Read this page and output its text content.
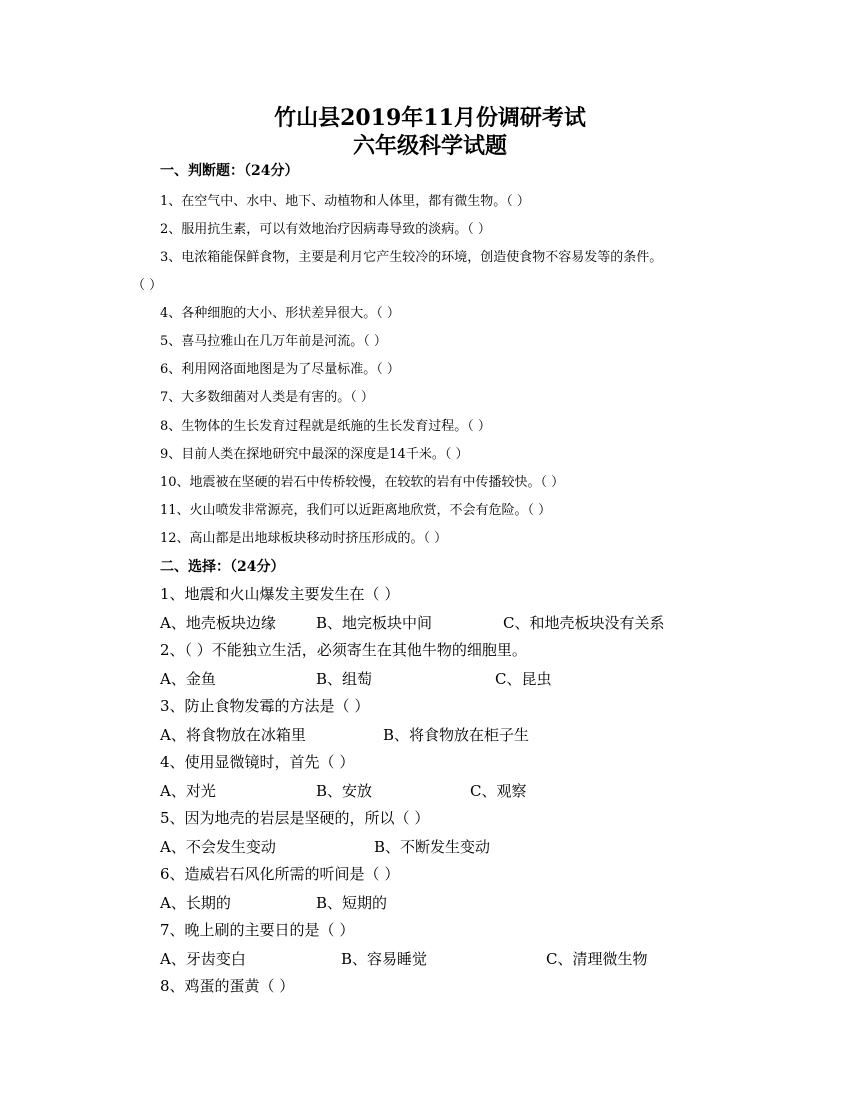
竹山县2019年11月份调研考试
六年级科学试题
一、判断题：（24分）
1、在空气中、水中、地下、动植物和人体里，都有微生物。（ ）
2、服用抗生素，可以有效地治疗因病毒导致的淡病。（ ）
3、电浓箱能保鲜食物，主要是利月它产生较冷的环境，创造使食物不容易发等的条件。
（ ）
4、各种细胞的大小、形状差异很大。（ ）
5、喜马拉雅山在几万年前是河流。（ ）
6、利用网洛面地图是为了尽量标准。（ ）
7、大多数细菌对人类是有害的。（ ）
8、生物体的生长发育过程就是纸施的生长发育过程。（ ）
9、目前人类在探地研究中最深的深度是14千米。（ ）
10、地震被在坚硬的岩石中传桥较慢，在较软的岩有中传播较快。（ ）
11、火山喷发非常源亮，我们可以近距离地欣赏，不会有危险。（ ）
12、高山都是出地球板块移动时挤压形成的。（ ）
二、选择：（24分）
1、地震和火山爆发主要发生在（ ）
A、地壳板块边缘	B、地完板块中间	C、和地壳板块没有关系
2、（ ）不能独立生活，必须寄生在其他牛物的细胞里。
A、金鱼	B、组萄	C、昆虫
3、防止食物发霉的方法是（ ）
A、将食物放在冰箱里	B、将食物放在柜子生
4、使用显微镜时，首先（ ）
A、对光	B、安放	C、观察
5、因为地壳的岩层是坚硬的，所以（ ）
A、不会发生变动	B、不断发生变动
6、造威岩石风化所需的听间是（ ）
A、长期的	B、短期的
7、晚上刷的主要日的是（ ）
A、牙齿变白	B、容易睡觉	C、清理微生物
8、鸡蛋的蛋黄（ ）
